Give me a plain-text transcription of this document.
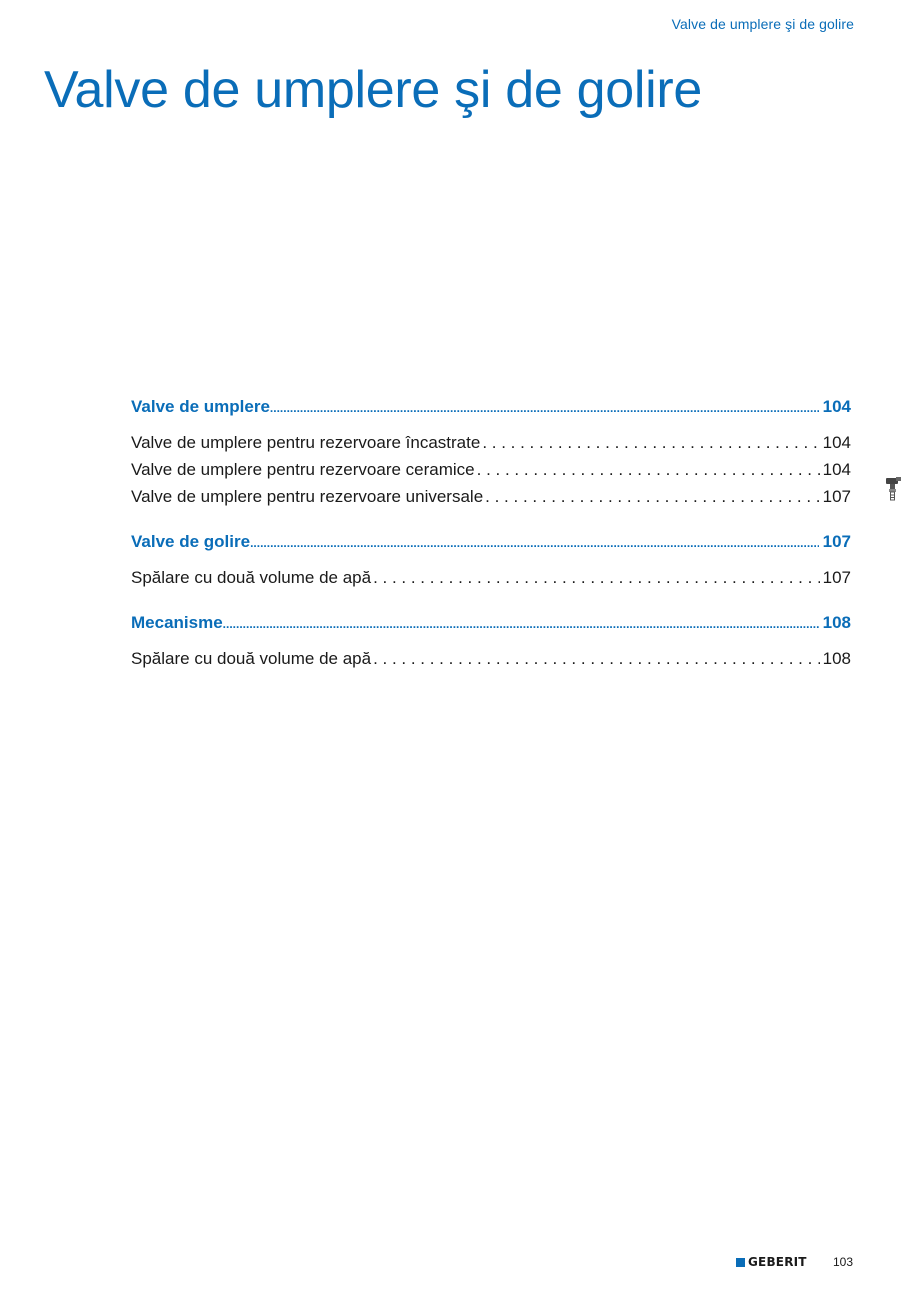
Valve de umplere şi de golire
Valve de umplere şi de golire
Valve de umplere .....	104
Valve de umplere pentru rezervoare încastrate . . .	104
Valve de umplere pentru rezervoare ceramice . . .	104
Valve de umplere pentru rezervoare universale . . .	107
Valve de golire .....	107
Spălare cu două volume de apă . . .	107
Mecanisme .....	108
Spălare cu două volume de apă . . .	108
GEBERIT 103
